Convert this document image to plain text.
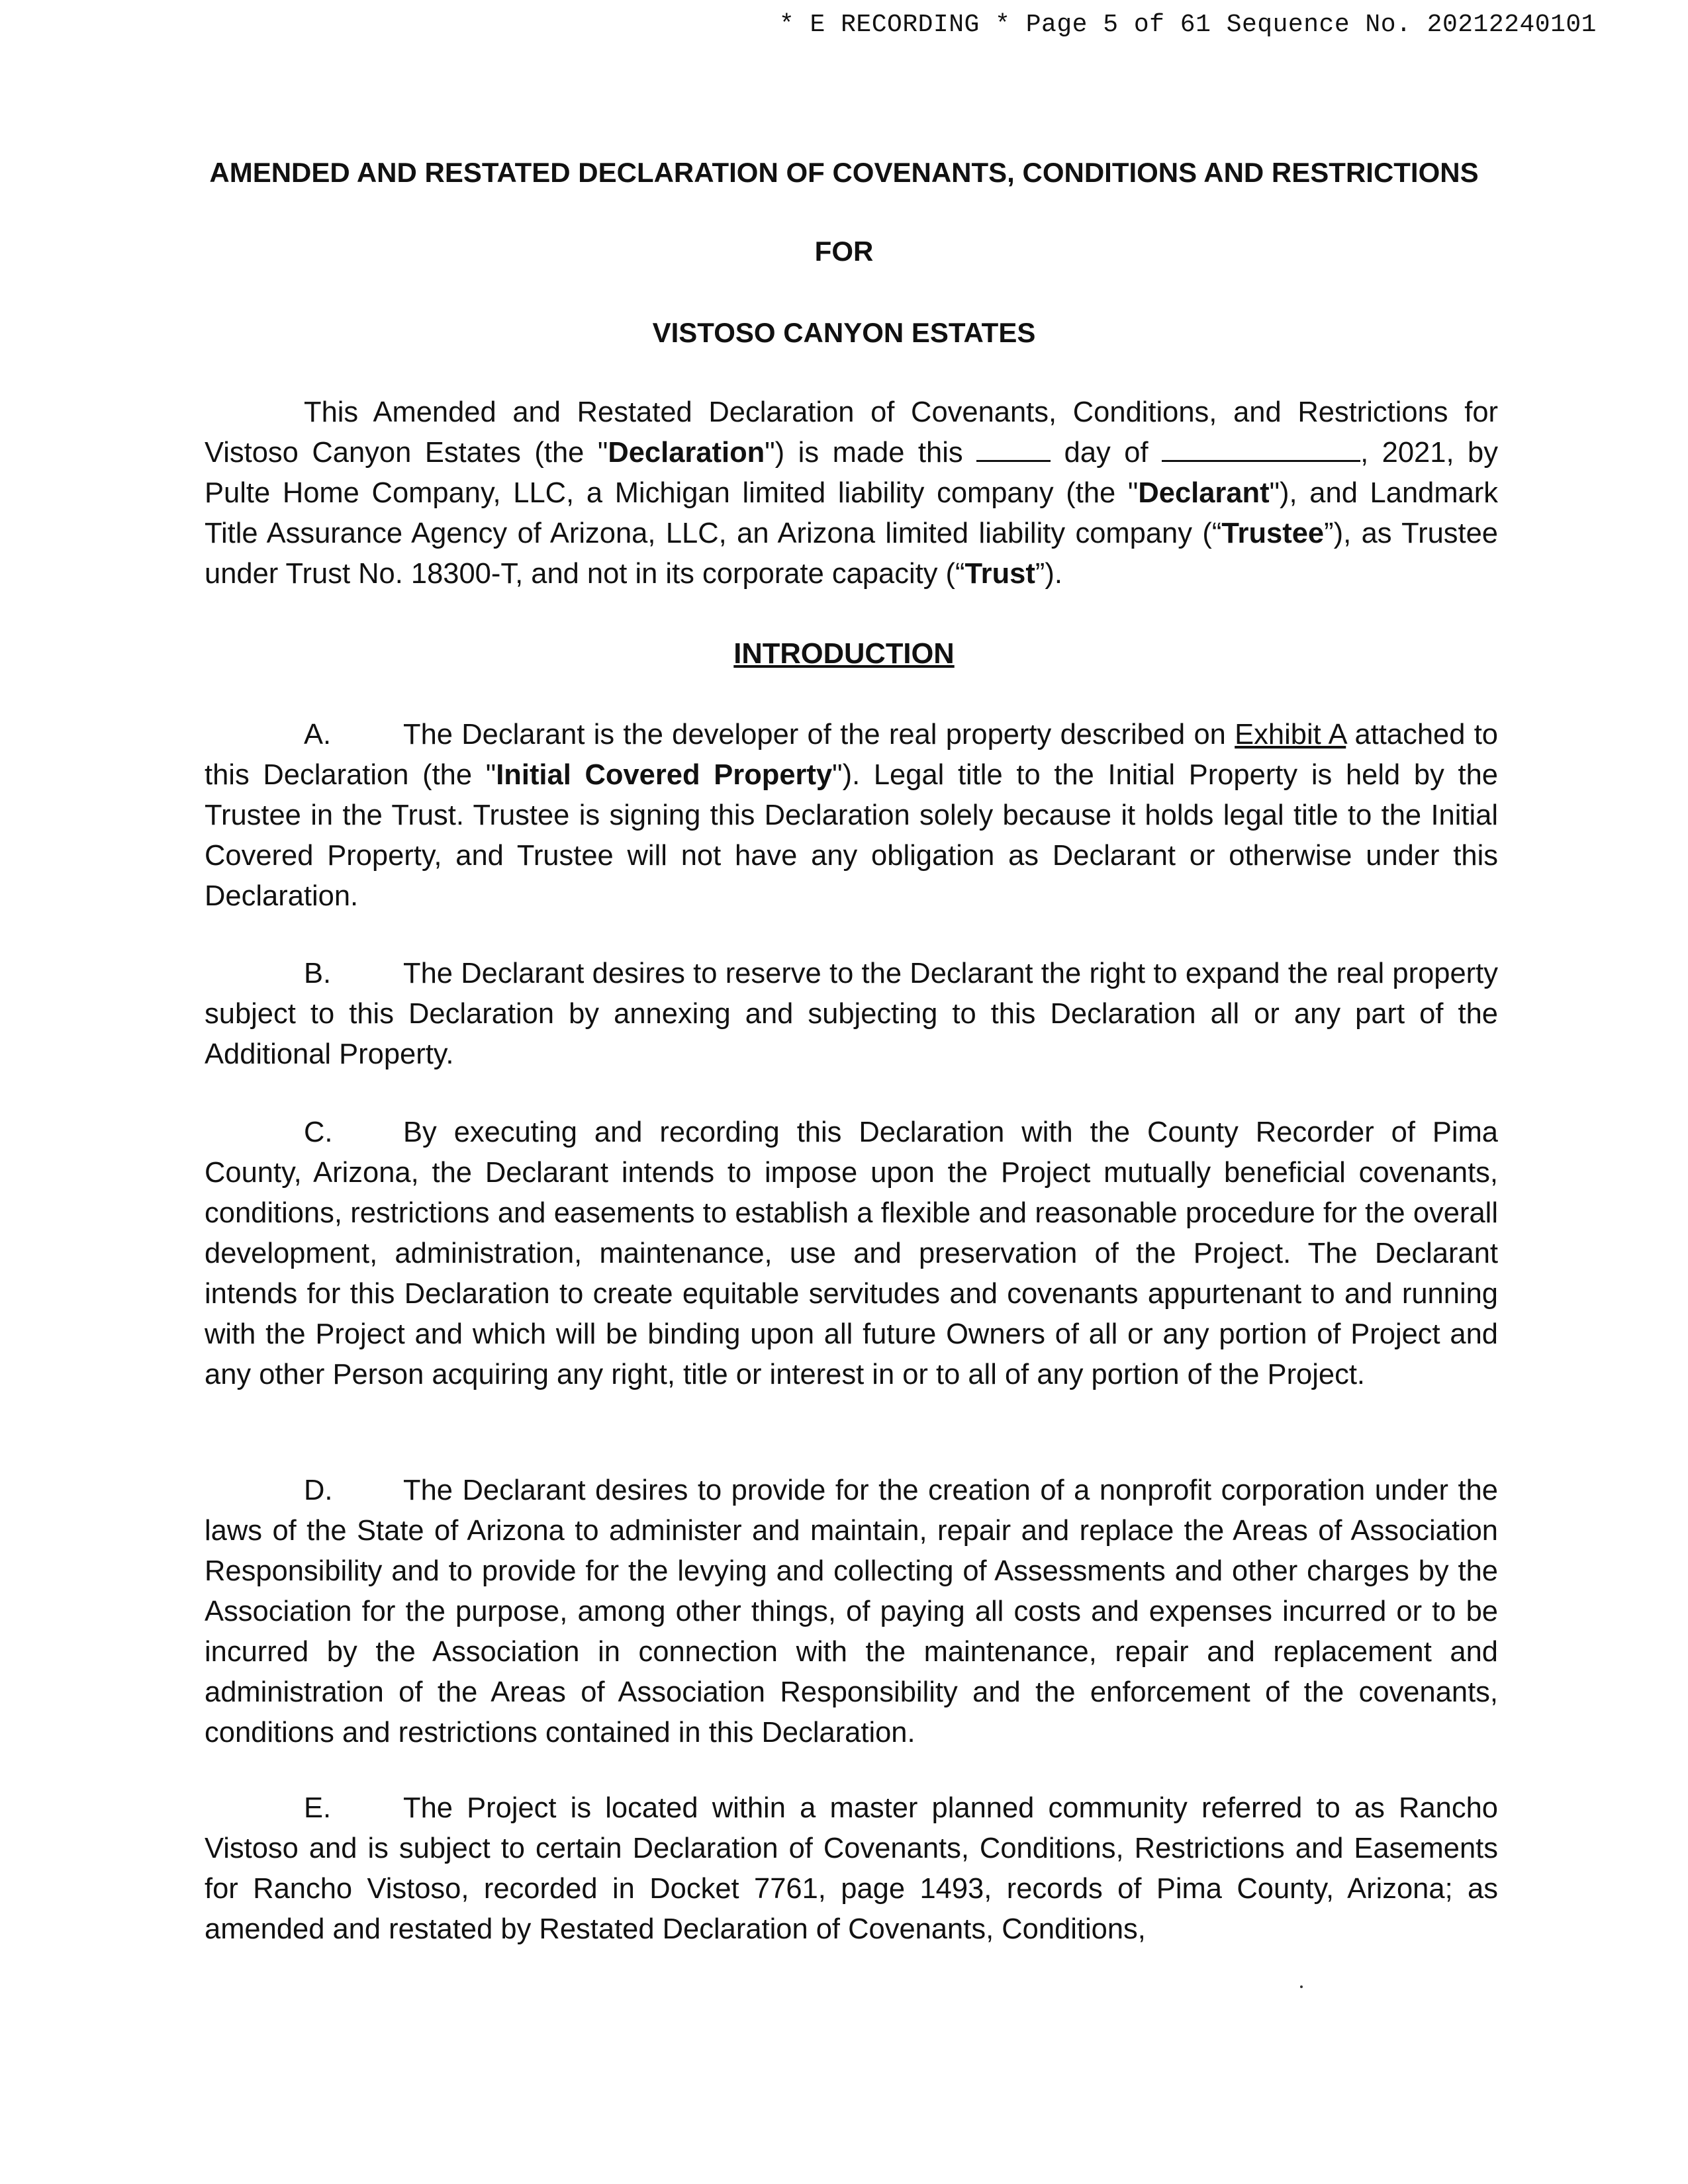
* E RECORDING * Page 5 of 61 Sequence No. 20212240101
AMENDED AND RESTATED DECLARATION OF COVENANTS, CONDITIONS AND RESTRICTIONS
FOR
VISTOSO CANYON ESTATES

This Amended and Restated Declaration of Covenants, Conditions, and Restrictions for Vistoso Canyon Estates (the "Declaration") is made this	day of	, 2021, by Pulte Home Company, LLC, a Michigan limited liability company (the "Declarant"), and Landmark Title Assurance Agency of Arizona, LLC, an Arizona limited liability company (“Trustee”), as Trustee under Trust No. 18300-T, and not in its corporate capacity (“Trust”).

INTRODUCTION

A.	The Declarant is the developer of the real property described on Exhibit A attached to this Declaration (the "Initial Covered Property"). Legal title to the Initial Property is held by the Trustee in the Trust. Trustee is signing this Declaration solely because it holds legal title to the Initial Covered Property, and Trustee will not have any obligation as Declarant or otherwise under this Declaration.

B.	The Declarant desires to reserve to the Declarant the right to expand the real property subject to this Declaration by annexing and subjecting to this Declaration all or any part of the Additional Property.

C. By executing and recording this Declaration with the County Recorder of Pima County, Arizona, the Declarant intends to impose upon the Project mutually beneficial covenants, conditions, restrictions and easements to establish a flexible and reasonable procedure for the overall development, administration, maintenance, use and preservation of the Project. The Declarant intends for this Declaration to create equitable servitudes and covenants appurtenant to and running with the Project and which will be binding upon all future Owners of all or any portion of Project and any other Person acquiring any right, title or interest in or to all of any portion of the Project.

D. The Declarant desires to provide for the creation of a nonprofit corporation under the laws of the State of Arizona to administer and maintain, repair and replace the Areas of Association Responsibility and to provide for the levying and collecting of Assessments and other charges by the Association for the purpose, among other things, of paying all costs and expenses incurred or to be incurred by the Association in connection with the maintenance, repair and replacement and administration of the Areas of Association Responsibility and the enforcement of the covenants, conditions and restrictions contained in this Declaration.

E.	The Project is located within a master planned community referred to as Rancho Vistoso and is subject to certain Declaration of Covenants, Conditions, Restrictions and Easements for Rancho Vistoso, recorded in Docket 7761, page 1493, records of Pima County, Arizona; as amended and restated by Restated Declaration of Covenants, Conditions,
